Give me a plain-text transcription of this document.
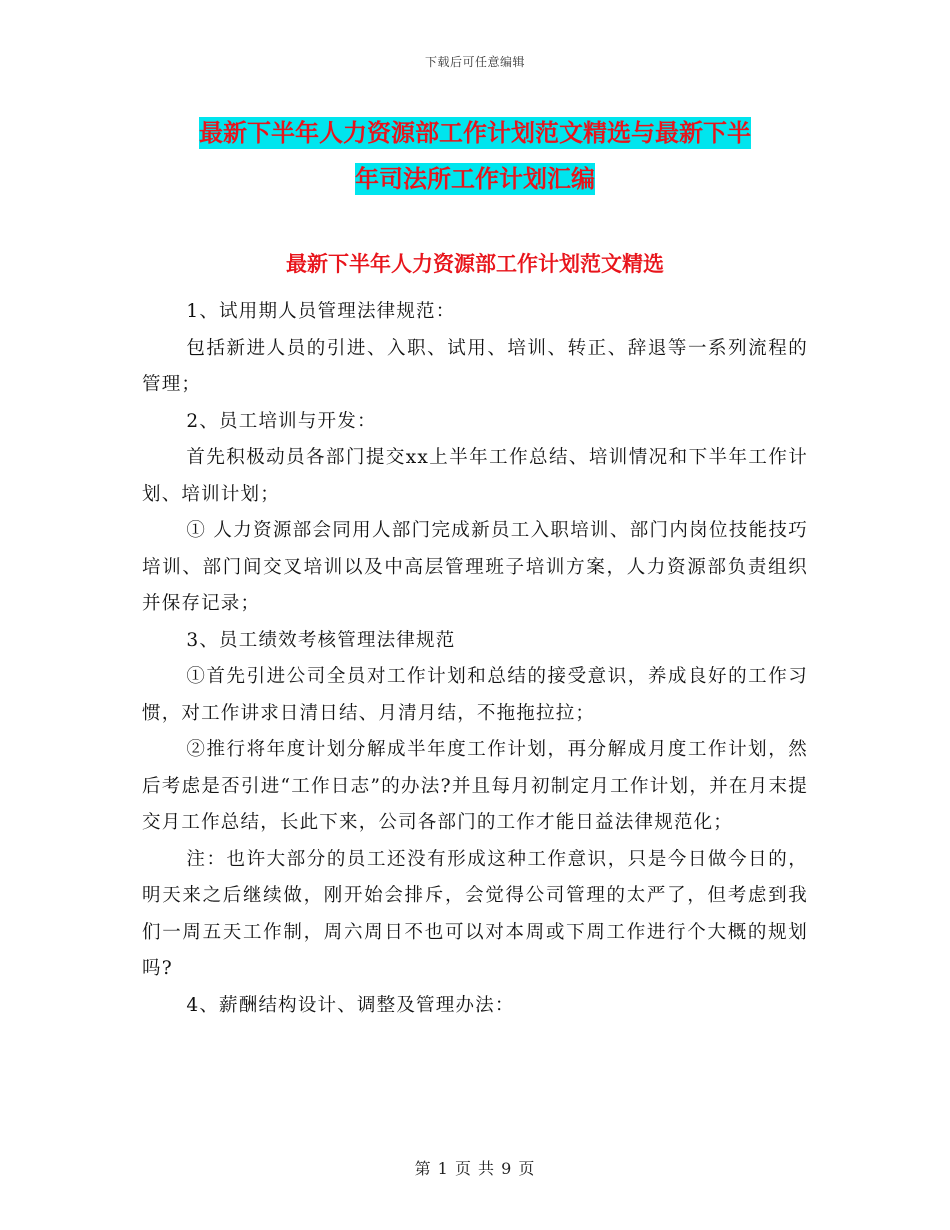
下载后可任意编辑
最新下半年人力资源部工作计划范文精选与最新下半
年司法所工作计划汇编
最新下半年人力资源部工作计划范文精选

1、试用期人员管理法律规范：

包括新进人员的引进、入职、试用、培训、转正、辞退等一系列流程的管理；

2、员工培训与开发：

首先积极动员各部门提交xx上半年工作总结、培训情况和下半年工作计划、培训计划；

① 人力资源部会同用人部门完成新员工入职培训、部门内岗位技能技巧培训、部门间交叉培训以及中高层管理班子培训方案，人力资源部负责组织并保存记录；

3、员工绩效考核管理法律规范

①首先引进公司全员对工作计划和总结的接受意识，养成良好的工作习惯，对工作讲求日清日结、月清月结，不拖拖拉拉；

②推行将年度计划分解成半年度工作计划，再分解成月度工作计划，然后考虑是否引进“工作日志”的办法?并且每月初制定月工作计划，并在月末提交月工作总结，长此下来，公司各部门的工作才能日益法律规范化；

注：也许大部分的员工还没有形成这种工作意识，只是今日做今日的，明天来之后继续做，刚开始会排斥，会觉得公司管理的太严了，但考虑到我们一周五天工作制，周六周日不也可以对本周或下周工作进行个大概的规划吗?

4、薪酬结构设计、调整及管理办法：

第 1 页 共 9 页
